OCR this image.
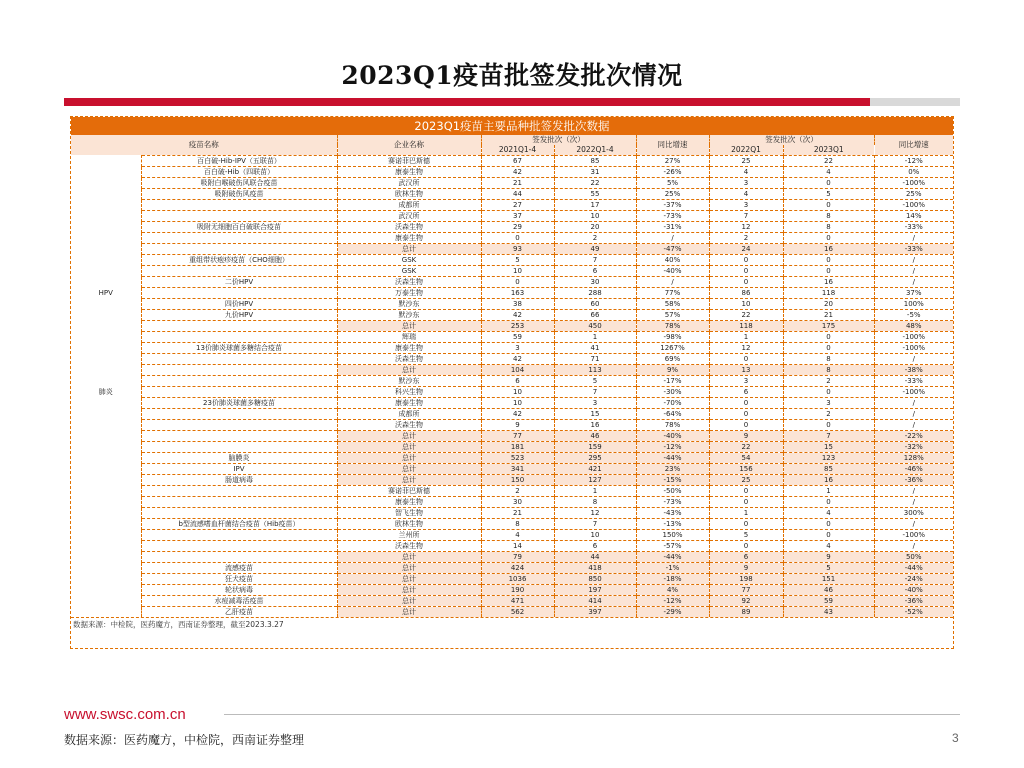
2023Q1疫苗批签发批次情况
2023Q1疫苗主要品种批签发批次数据
疫苗名称		企业名称	签发批次（次）		同比增速	签发批次（次）		同比增速
			2021Q1-4	2022Q1-4		2022Q1	2023Q1	
	百白破-Hib-IPV（五联苗）	赛诺菲巴斯德	67	85	27%	25	22	-12%
	百白破-Hib（四联苗）	康泰生物	42	31	-26%	4	4	0%
	吸附白喉破伤风联合疫苗	武汉所	21	22	5%	3	0	-100%
	吸附破伤风疫苗	欧林生物	44	55	25%	4	5	25%
		成都所	27	17	-37%	3	0	-100%
		武汉所	37	10	-73%	7	8	14%
	吸附无细胞百白破联合疫苗	沃森生物	29	20	-31%	12	8	-33%
		康泰生物	0	2	/	2	0	/
		总计	93	49	-47%	24	16	-33%
	重组带状疱疹疫苗（CHO细胞）	GSK	5	7	40%	0	0	/
		GSK	10	6	-40%	0	0	/
	二价HPV	沃森生物	0	30	/	0	16	/
HPV		万泰生物	163	288	77%	86	118	37%
	四价HPV	默沙东	38	60	58%	10	20	100%
	九价HPV	默沙东	42	66	57%	22	21	-5%
		总计	253	450	78%	118	175	48%
		辉瑞	59	1	-98%	1	0	-100%
	13价肺炎球菌多糖结合疫苗	康泰生物	3	41	1267%	12	0	-100%
		沃森生物	42	71	69%	0	8	/
		总计	104	113	9%	13	8	-38%
		默沙东	6	5	-17%	3	2	-33%
肺炎		科兴生物	10	7	-30%	6	0	-100%
	23价肺炎球菌多糖疫苗	康泰生物	10	3	-70%	0	3	/
		成都所	42	15	-64%	0	2	/
		沃森生物	9	16	78%	0	0	/
		总计	77	46	-40%	9	7	-22%
		总计	181	159	-12%	22	15	-32%
	脑膜炎	总计	523	295	-44%	54	123	128%
	IPV	总计	341	421	23%	156	85	-46%
	肠道病毒	总计	150	127	-15%	25	16	-36%
		赛诺菲巴斯德	2	1	-50%	0	1	/
		康泰生物	30	8	-73%	0	0	/
		智飞生物	21	12	-43%	1	4	300%
	b型流感嗜血杆菌结合疫苗（Hib疫苗）	欧林生物	8	7	-13%	0	0	/
		兰州所	4	10	150%	5	0	-100%
		沃森生物	14	6	-57%	0	4	/
		总计	79	44	-44%	6	9	50%
	流感疫苗	总计	424	418	-1%	9	5	-44%
	狂犬疫苗	总计	1036	850	-18%	198	151	-24%
	轮状病毒	总计	190	197	4%	77	46	-40%
	水痘减毒活疫苗	总计	471	414	-12%	92	59	-36%
	乙肝疫苗	总计	562	397	-29%	89	43	-52%
数据来源：中检院，医药魔方，西南证券整理，截至2023.3.27
www.swsc.com.cn
数据来源：医药魔方，中检院，西南证券整理	3
